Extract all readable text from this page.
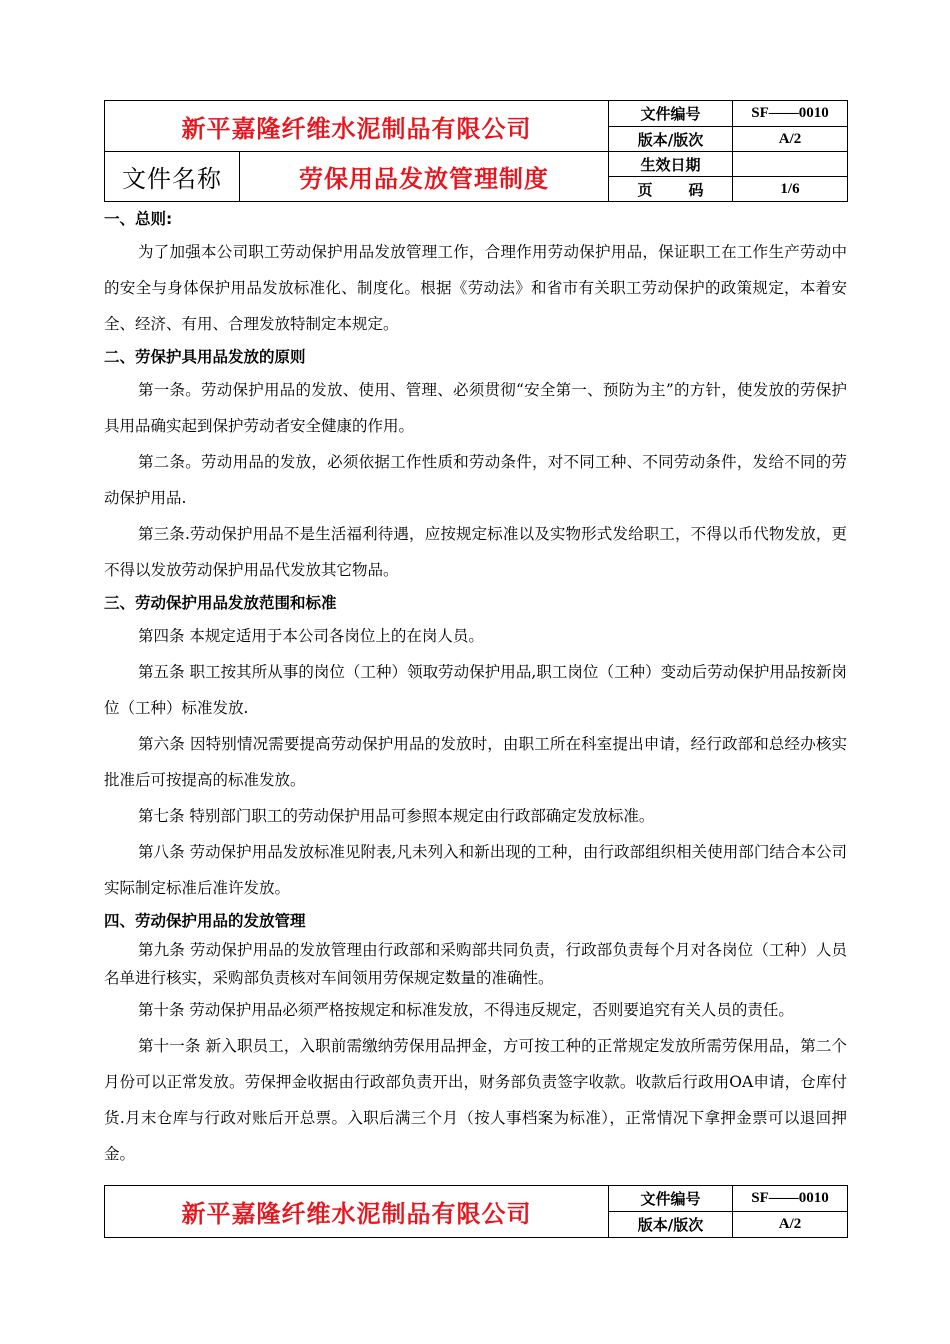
新平嘉隆纤维水泥制品有限公司		文件编号	SF——0010
		版本/版次	A/2
文件名称	劳保用品发放管理制度	生效日期	
		页 码	1/6
一、总则:

为了加强本公司职工劳动保护用品发放管理工作，合理作用劳动保护用品，保证职工在工作生产劳动中的安全与身体保护用品发放标准化、制度化。根据《劳动法》和省市有关职工劳动保护的政策规定，本着安全、经济、有用、合理发放特制定本规定。

二、劳保护具用品发放的原则

第一条。劳动保护用品的发放、使用、管理、必须贯彻“安全第一、预防为主”的方针，使发放的劳保护具用品确实起到保护劳动者安全健康的作用。

第二条。劳动用品的发放，必须依据工作性质和劳动条件，对不同工种、不同劳动条件，发给不同的劳动保护用品.

第三条.劳动保护用品不是生活福利待遇，应按规定标准以及实物形式发给职工，不得以币代物发放，更不得以发放劳动保护用品代发放其它物品。

三、劳动保护用品发放范围和标准

第四条 本规定适用于本公司各岗位上的在岗人员。

第五条 职工按其所从事的岗位（工种）领取劳动保护用品,职工岗位（工种）变动后劳动保护用品按新岗位（工种）标准发放.

第六条 因特别情况需要提高劳动保护用品的发放时，由职工所在科室提出申请，经行政部和总经办核实批准后可按提高的标准发放。

第七条 特别部门职工的劳动保护用品可参照本规定由行政部确定发放标准。

第八条 劳动保护用品发放标准见附表,凡未列入和新出现的工种，由行政部组织相关使用部门结合本公司实际制定标准后准许发放。

四、劳动保护用品的发放管理

第九条 劳动保护用品的发放管理由行政部和采购部共同负责，行政部负责每个月对各岗位（工种）人员名单进行核实，采购部负责核对车间领用劳保规定数量的准确性。

第十条 劳动保护用品必须严格按规定和标准发放，不得违反规定，否则要追究有关人员的责任。

第十一条 新入职员工，入职前需缴纳劳保用品押金，方可按工种的正常规定发放所需劳保用品，第二个月份可以正常发放。劳保押金收据由行政部负责开出，财务部负责签字收款。收款后行政用OA申请，仓库付货.月末仓库与行政对账后开总票。入职后满三个月（按人事档案为标准），正常情况下拿押金票可以退回押金。

新平嘉隆纤维水泥制品有限公司	文件编号	SF——0010
	版本/版次	A/2
